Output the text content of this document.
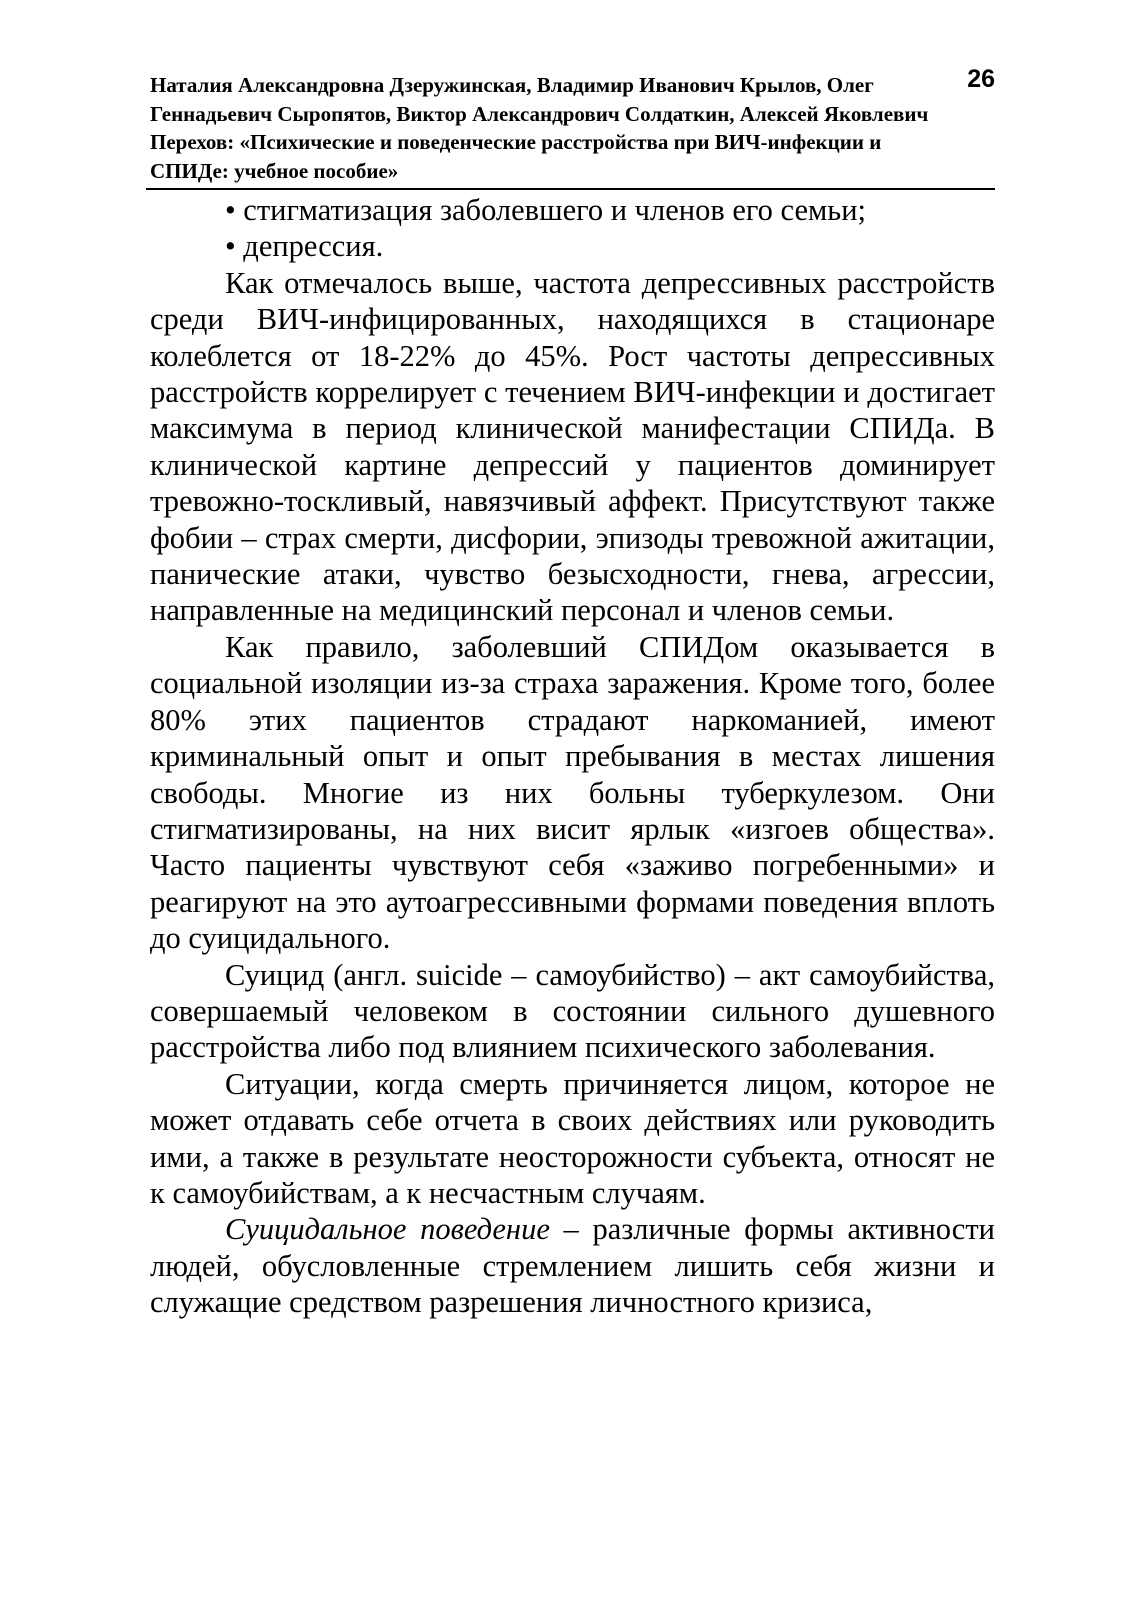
Наталия Александровна Дзеружинская, Владимир Иванович Крылов, Олег Геннадьевич Сыропятов, Виктор Александрович Солдаткин, Алексей Яковлевич Перехов: «Психические и поведенческие расстройства при ВИЧ-инфекции и СПИДе: учебное пособие»
26

• стигматизация заболевшего и членов его семьи;

• депрессия.

Как отмечалось выше, частота депрессивных расстройств среди ВИЧ-инфицированных, находящихся в стационаре колеблется от 18-22% до 45%. Рост частоты депрессивных расстройств коррелирует с течением ВИЧ-инфекции и достигает максимума в период клинической манифестации СПИДа. В клинической картине депрессий у пациентов доминирует тревожно-тоскливый, навязчивый аффект. Присутствуют также фобии – страх смерти, дисфории, эпизоды тревожной ажитации, панические атаки, чувство безысходности, гнева, агрессии, направленные на медицинский персонал и членов семьи.

Как правило, заболевший СПИДом оказывается в социальной изоляции из-за страха заражения. Кроме того, более 80% этих пациентов страдают наркоманией, имеют криминальный опыт и опыт пребывания в местах лишения свободы. Многие из них больны туберкулезом. Они стигматизированы, на них висит ярлык «изгоев общества». Часто пациенты чувствуют себя «заживо погребенными» и реагируют на это аутоагрессивными формами поведения вплоть до суицидального.

Суицид (англ. suicide – самоубийство) – акт самоубийства, совершаемый человеком в состоянии сильного душевного расстройства либо под влиянием психического заболевания.

Ситуации, когда смерть причиняется лицом, которое не может отдавать себе отчета в своих действиях или руководить ими, а также в результате неосторожности субъекта, относят не к самоубийствам, а к несчастным случаям.

Суицидальное поведение – различные формы активности людей, обусловленные стремлением лишить себя жизни и служащие средством разрешения личностного кризиса,
